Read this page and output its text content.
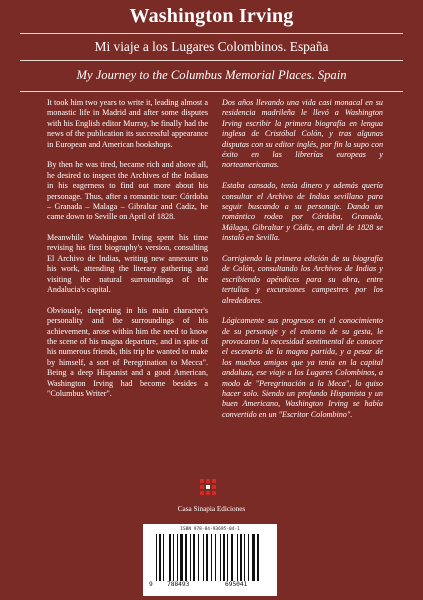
Washington Irving
Mi viaje a los Lugares Colombinos. España
My Journey to the Columbus Memorial Places. Spain

It took him two years to write it, leading almost a monastic life in Madrid and after some disputes with his English editor Murray, he finally had the news of the publication its successful appearance in European and American bookshops.

By then he was tired, became rich and above all, he desired to inspect the Archives of the Indians in his eagerness to find out more about his personage. Thus, after a romantic tour: Córdoba – Granada – Malaga – Gibraltar and Cadiz, he came down to Seville on April of 1828.

Meanwhile Washington Irving spent his time revising his first biography's version, consulting El Archivo de Indias, writing new annexure to his work, attending the literary gathering and visiting the natural surroundings of the Andalucia's capital.

Obviously, deepening in his main character's personality and the surroundings of his achievement, arose within him the need to know the scene of his magna departure, and in spite of his numerous friends, this trip he wanted to make by himself, a sort of Peregrination to Mecca". Being a deep Hispanist and a good American, Washington Irving had become besides a "Columbus Writer".

Dos años llevando una vida casi monacal en su residencia madrileña le llevó a Washington Irving escribir la primera biografía en lengua inglesa de Cristóbal Colón, y tras algunas disputas con su editor inglés, por fin la supo con éxito en las librerías europeas y norteamericanas.

Estaba cansado, tenía dinero y además quería consultar el Archivo de Indias sevillano para seguir buscando a su personaje. Dando un romántico rodeo por Córdoba, Granada, Málaga, Gibraltar y Cádiz, en abril de 1828 se instaló en Sevilla.

Corrigiendo la primera edición de su biografía de Colón, consultando los Archivos de Indias y escribiendo apéndices para su obra, entre tertulias y excursiones campestres por los alrededores.

Lógicamente sus progresos en el conocimiento de su personaje y el entorno de su gesta, le provocaron la necesidad sentimental de conocer el escenario de la magna partida, y a pesar de los muchos amigos que ya tenía en la capital andaluza, ese viaje a los Lugares Colombinos, a modo de "Peregrinación a la Meca", lo quiso hacer solo. Siendo un profundo Hispanista y un buen Americano, Washington Irving se había convertido en un "Escritor Colombino".

Casa Sinapia Ediciones
ISBN 978-84-93695-04-1
9 788493	695041
